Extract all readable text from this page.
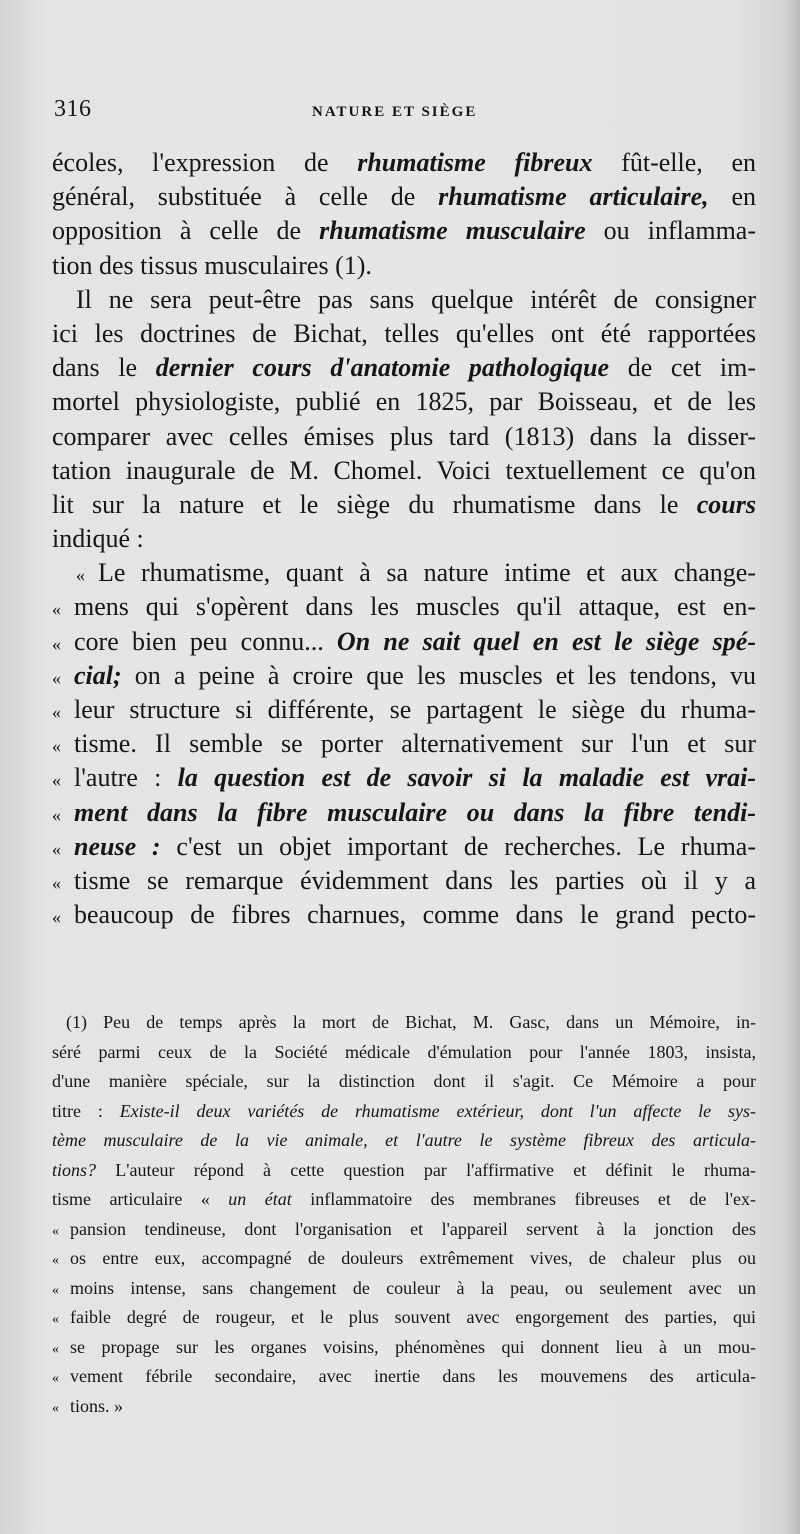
316	NATURE ET SIÈGE
écoles, l'expression de rhumatisme fibreux fût-elle, en
général, substituée à celle de rhumatisme articulaire, en
opposition à celle de rhumatisme musculaire ou inflamma-
tion des tissus musculaires (1).
Il ne sera peut-être pas sans quelque intérêt de consigner
ici les doctrines de Bichat, telles qu'elles ont été rapportées
dans le dernier cours d'anatomie pathologique de cet im-
mortel physiologiste, publié en 1825, par Boisseau, et de les
comparer avec celles émises plus tard (1813) dans la disser-
tation inaugurale de M. Chomel. Voici textuellement ce qu'on
lit sur la nature et le siège du rhumatisme dans le cours
indiqué :
« Le rhumatisme, quant à sa nature intime et aux change-
« mens qui s'opèrent dans les muscles qu'il attaque, est en-
« core bien peu connu... On ne sait quel en est le siège spé-
« cial; on a peine à croire que les muscles et les tendons, vu
« leur structure si différente, se partagent le siège du rhuma-
« tisme. Il semble se porter alternativement sur l'un et sur
« l'autre : la question est de savoir si la maladie est vrai-
« ment dans la fibre musculaire ou dans la fibre tendi-
« neuse : c'est un objet important de recherches. Le rhuma-
« tisme se remarque évidemment dans les parties où il y a
« beaucoup de fibres charnues, comme dans le grand pecto-
(1) Peu de temps après la mort de Bichat, M. Gasc, dans un Mémoire, in-
séré parmi ceux de la Société médicale d'émulation pour l'année 1803, insista,
d'une manière spéciale, sur la distinction dont il s'agit. Ce Mémoire a pour
titre : Existe-il deux variétés de rhumatisme extérieur, dont l'un affecte le sys-
tème musculaire de la vie animale, et l'autre le système fibreux des articula-
tions? L'auteur répond à cette question par l'affirmative et définit le rhuma-
tisme articulaire « un état inflammatoire des membranes fibreuses et de l'ex-
« pansion tendineuse, dont l'organisation et l'appareil servent à la jonction des
« os entre eux, accompagné de douleurs extrêmement vives, de chaleur plus ou
« moins intense, sans changement de couleur à la peau, ou seulement avec un
« faible degré de rougeur, et le plus souvent avec engorgement des parties, qui
« se propage sur les organes voisins, phénomènes qui donnent lieu à un mou-
« vement fébrile secondaire, avec inertie dans les mouvemens des articula-
« tions. »
